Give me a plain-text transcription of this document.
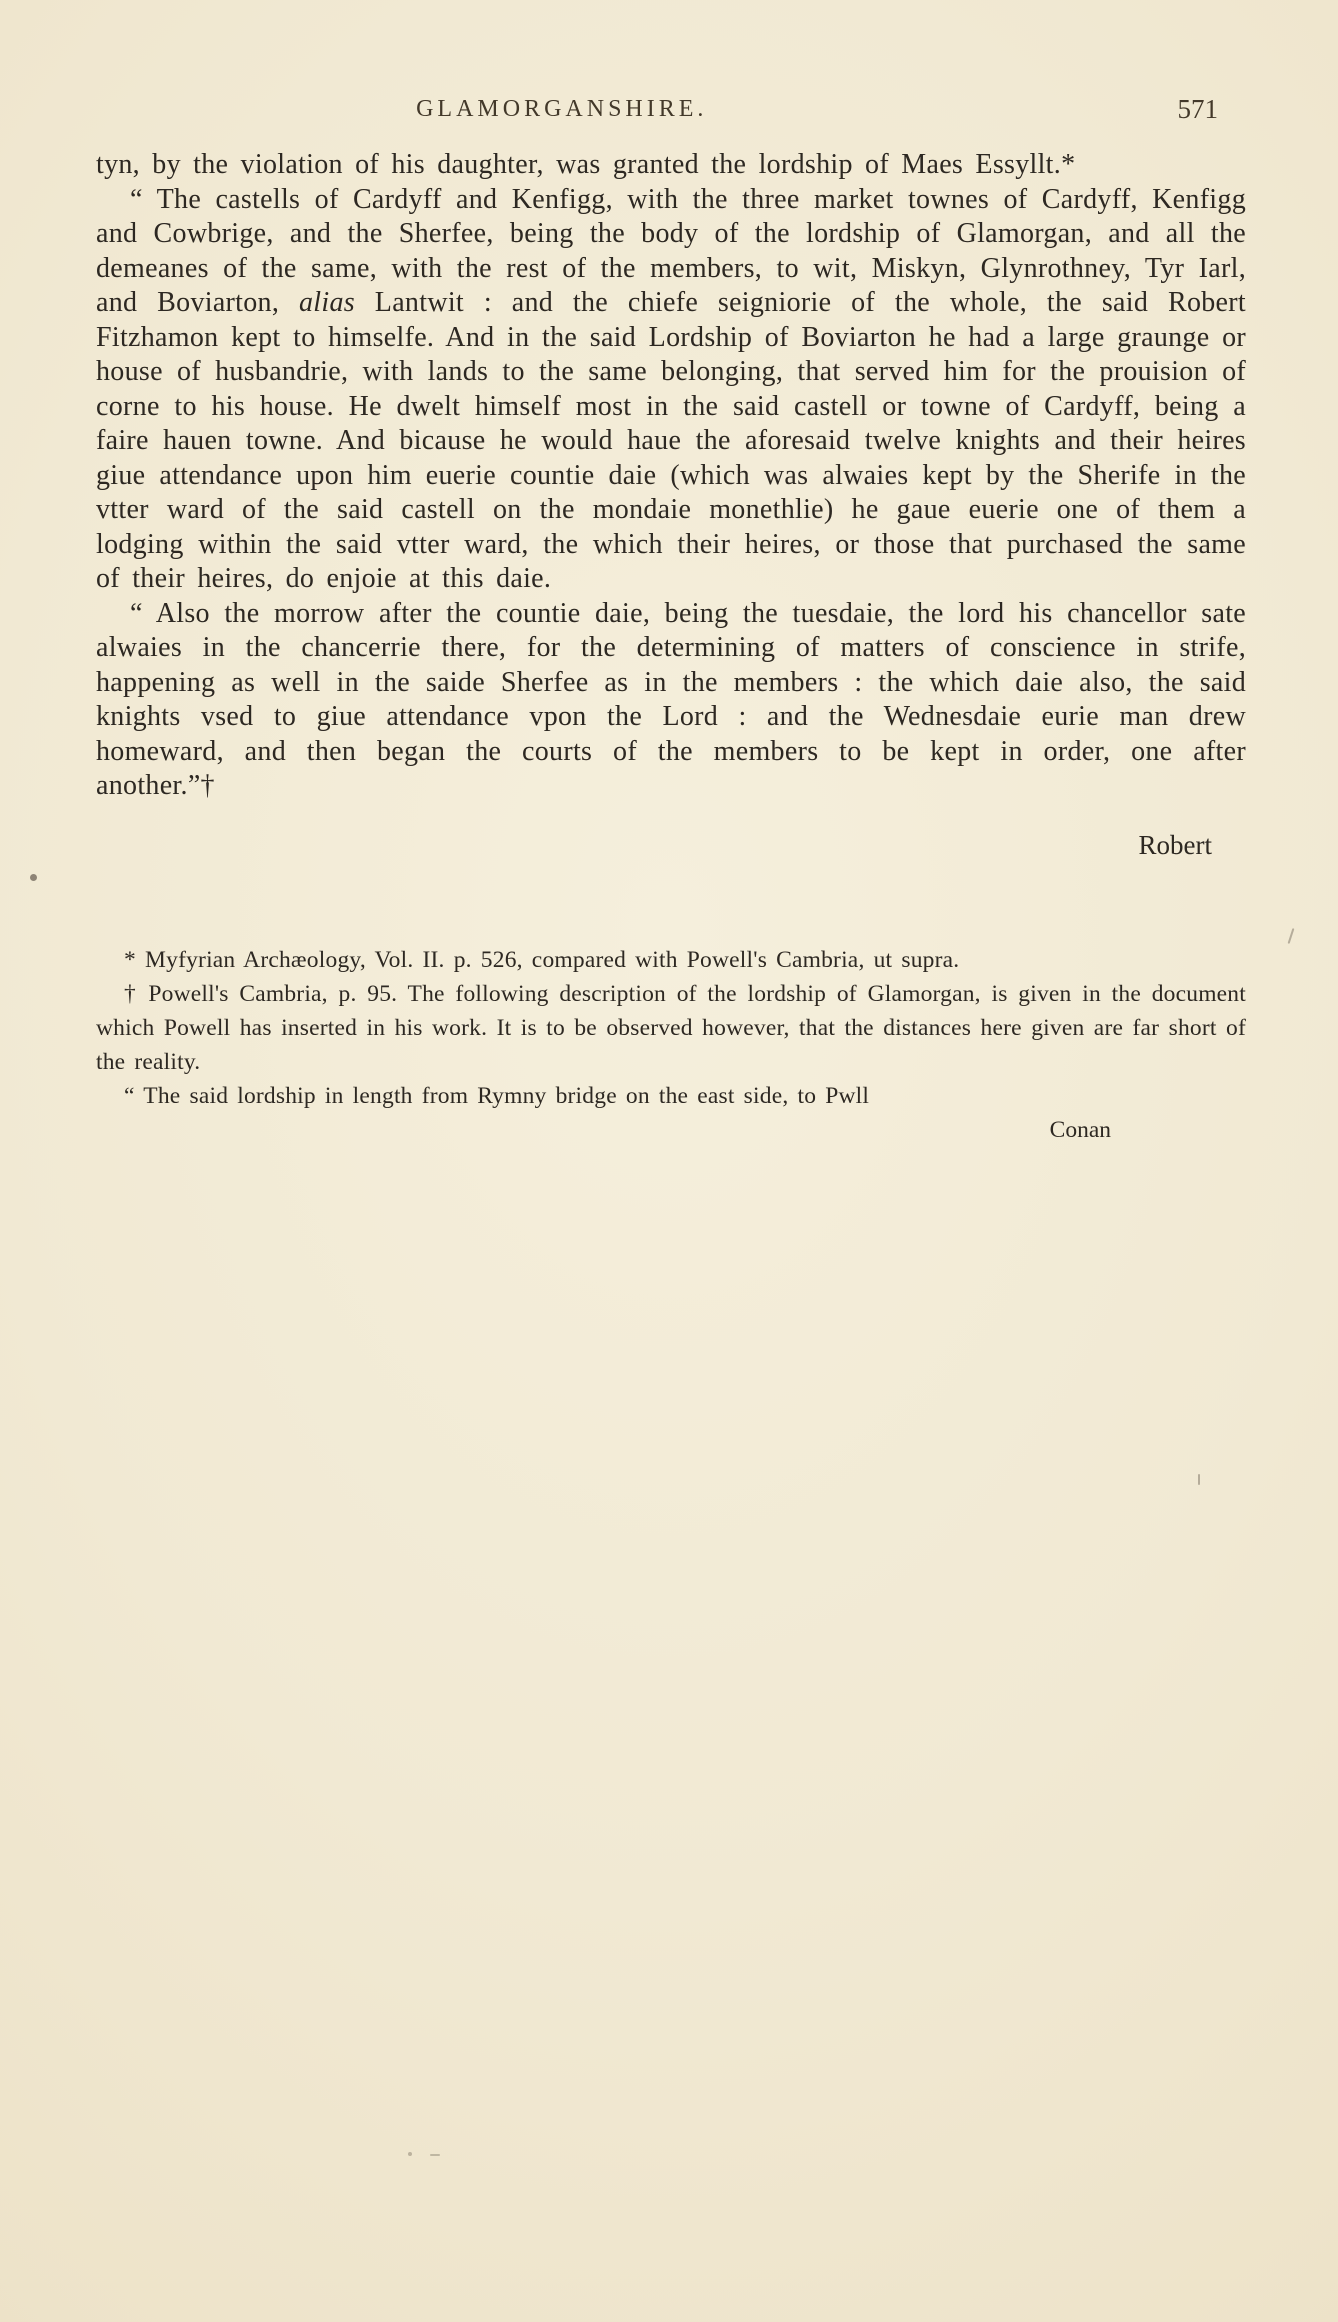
GLAMORGANSHIRE.	571

tyn, by the violation of his daughter, was granted the lordship of Maes Essyllt.*

“ The castells of Cardyff and Kenfigg, with the three market townes of Cardyff, Kenfigg and Cowbrige, and the Sherfee, being the body of the lordship of Glamorgan, and all the demeanes of the same, with the rest of the members, to wit, Miskyn, Glynrothney, Tyr Iarl, and Boviarton, alias Lantwit : and the chiefe seigniorie of the whole, the said Robert Fitzhamon kept to himselfe. And in the said Lordship of Boviarton he had a large graunge or house of husbandrie, with lands to the same belonging, that served him for the prouision of corne to his house. He dwelt himself most in the said castell or towne of Cardyff, being a faire hauen towne. And bicause he would haue the aforesaid twelve knights and their heires giue attendance upon him euerie countie daie (which was alwaies kept by the Sherife in the vtter ward of the said castell on the mondaie monethlie) he gaue euerie one of them a lodging within the said vtter ward, the which their heires, or those that purchased the same of their heires, do enjoie at this daie.

“ Also the morrow after the countie daie, being the tuesdaie, the lord his chancellor sate alwaies in the chancerrie there, for the determining of matters of conscience in strife, happening as well in the saide Sherfee as in the members : the which daie also, the said knights vsed to giue attendance vpon the Lord : and the Wednesdaie eurie man drew homeward, and then began the courts of the members to be kept in order, one after another.”†

Robert

* Myfyrian Archæology, Vol. II. p. 526, compared with Powell's Cambria, ut supra.

† Powell's Cambria, p. 95. The following description of the lordship of Glamorgan, is given in the document which Powell has inserted in his work. It is to be observed however, that the distances here given are far short of the reality.

“ The said lordship in length from Rymny bridge on the east side, to Pwll

Conan
